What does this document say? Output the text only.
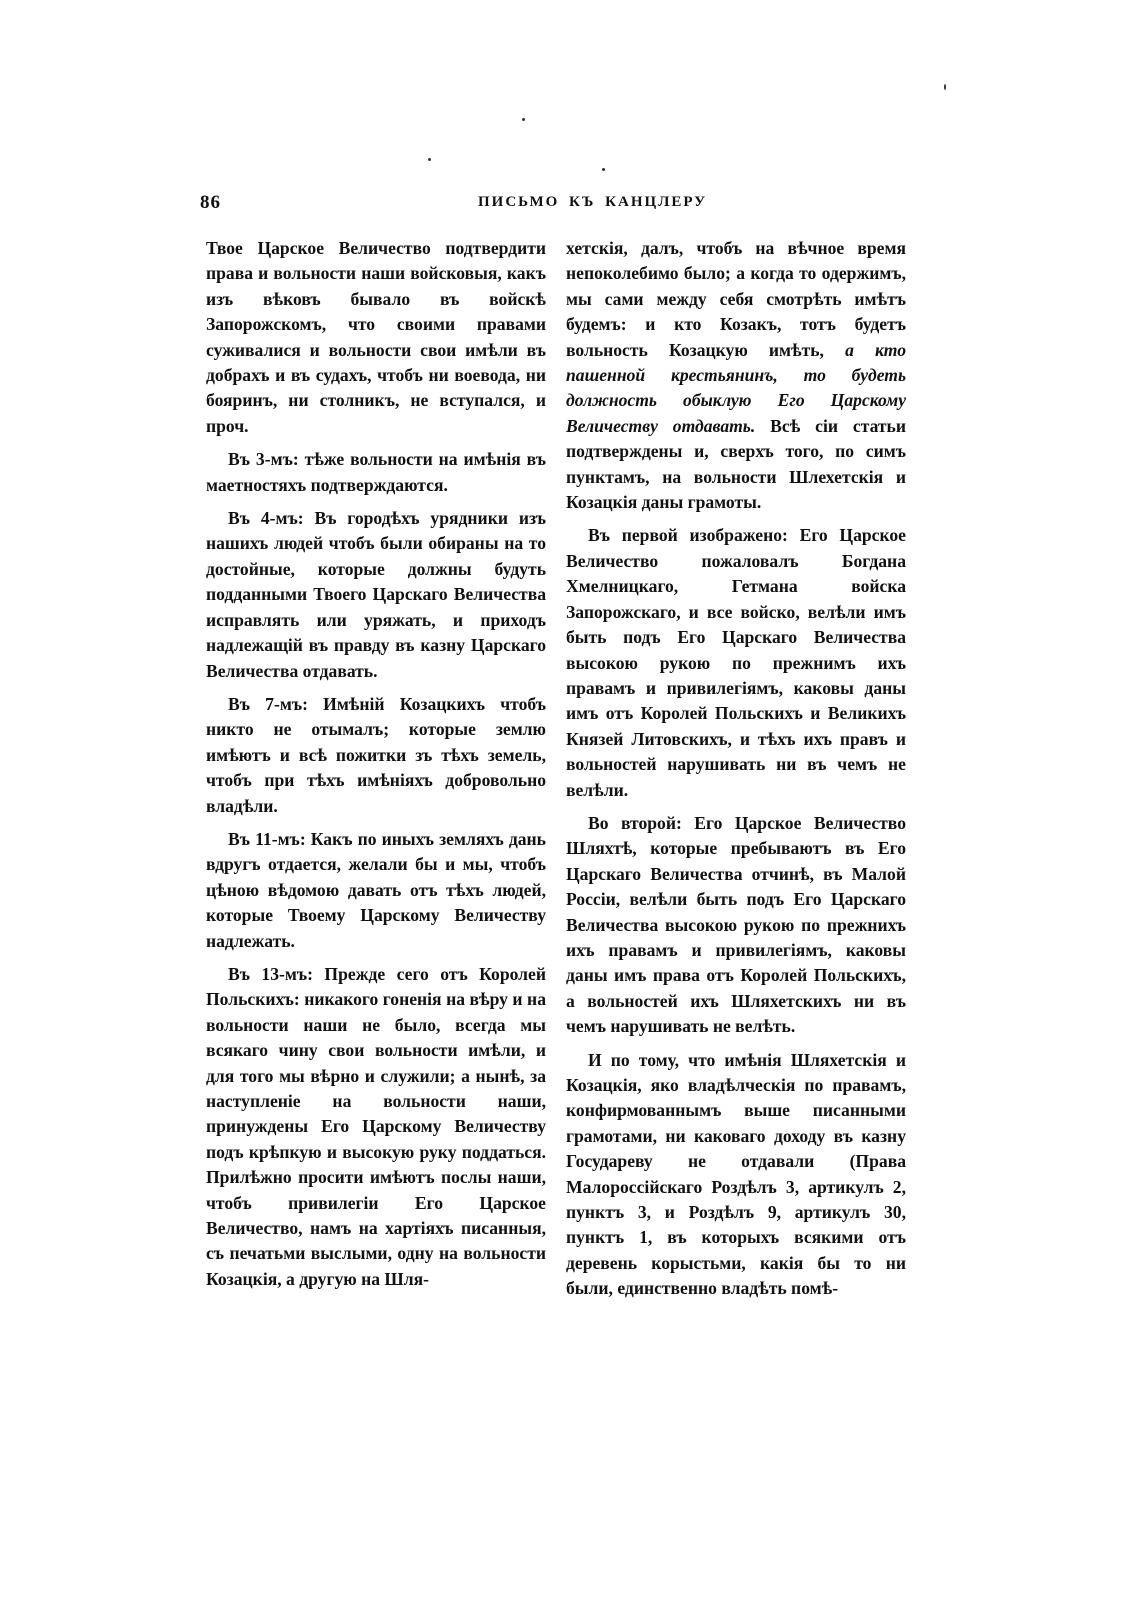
86	ПИСЬМО КЪ КАНЦЛЕРУ

Твое Царское Величество подтвердити права и вольности наши войсковыя, какъ изъ вѣковъ бывало въ войскѣ Запорожскомъ, что своими правами суживалися и вольности свои имѣли въ добрахъ и въ судахъ, чтобъ ни воевода, ни бояринъ, ни столникъ, не вступался, и проч.

Въ 3-мъ: тѣже вольности на имѣнія въ маетностяхъ подтверждаются.

Въ 4-мъ: Въ городѣхъ урядники изъ нашихъ людей чтобъ были обираны на то достойные, которые должны будуть подданными Твоего Царскаго Величества исправлять или уряжать, и приходъ надлежащій въ правду въ казну Царскаго Величества отдавать.

Въ 7-мъ: Имѣній Козацкихъ чтобъ никто не отымалъ; которые землю имѣютъ и всѣ пожитки зъ тѣхъ земель, чтобъ при тѣхъ имѣніяхъ добровольно владѣли.

Въ 11-мъ: Какъ по иныхъ земляхъ дань вдругъ отдается, желали бы и мы, чтобъ цѣною вѣдомою давать отъ тѣхъ людей, которые Твоему Царскому Величеству надлежать.

Въ 13-мъ: Прежде сего отъ Королей Польскихъ: никакого гоненія на вѣру и на вольности наши не было, всегда мы всякаго чину свои вольности имѣли, и для того мы вѣрно и служили; а нынѣ, за наступленіе на вольности наши, принуждены Его Царскому Величеству подъ крѣпкую и высокую руку поддаться. Прилѣжно просити имѣютъ послы наши, чтобъ привилегіи Его Царское Величество, намъ на хартіяхъ писанныя, съ печатьми выслыми, одну на вольности Козацкія, а другую на Шля-

хетскія, далъ, чтобъ на вѣчное время непоколебимо было; а когда то одержимъ, мы сами между себя смотрѣть имѣтъ будемъ: и кто Козакъ, тотъ будетъ вольность Козацкую имѣть, а кто пашенной крестьянинъ, то будеть должность обыклую Его Царскому Величеству отдавать. Всѣ сіи статьи подтверждены и, сверхъ того, по симъ пунктамъ, на вольности Шлехетскія и Козацкія даны грамоты.

Въ первой изображено: Его Царское Величество пожаловалъ Богдана Хмелницкаго, Гетмана войска Запорожскаго, и все войско, велѣли имъ быть подъ Его Царскаго Величества высокою рукою по прежнимъ ихъ правамъ и привилегіямъ, каковы даны имъ отъ Королей Польскихъ и Великихъ Князей Литовскихъ, и тѣхъ ихъ правъ и вольностей нарушивать ни въ чемъ не велѣли.

Во второй: Его Царское Величество Шляхтѣ, которые пребываютъ въ Его Царскаго Величества отчинѣ, въ Малой Россіи, велѣли быть подъ Его Царскаго Величества высокою рукою по прежнихъ ихъ правамъ и привилегіямъ, каковы даны имъ права отъ Королей Польскихъ, а вольностей ихъ Шляхетскихъ ни въ чемъ нарушивать не велѣть.

И по тому, что имѣнія Шляхетскія и Козацкія, яко владѣлческія по правамъ, конфирмованнымъ выше писанными грамотами, ни каковаго доходу въ казну Государеву не отдавали (Права Малороссійскаго Роздѣлъ 3, артикулъ 2, пунктъ 3, и Роздѣлъ 9, артикулъ 30, пунктъ 1, въ которыхъ всякими отъ деревень корыстьми, какія бы то ни были, единственно владѣть помѣ-
